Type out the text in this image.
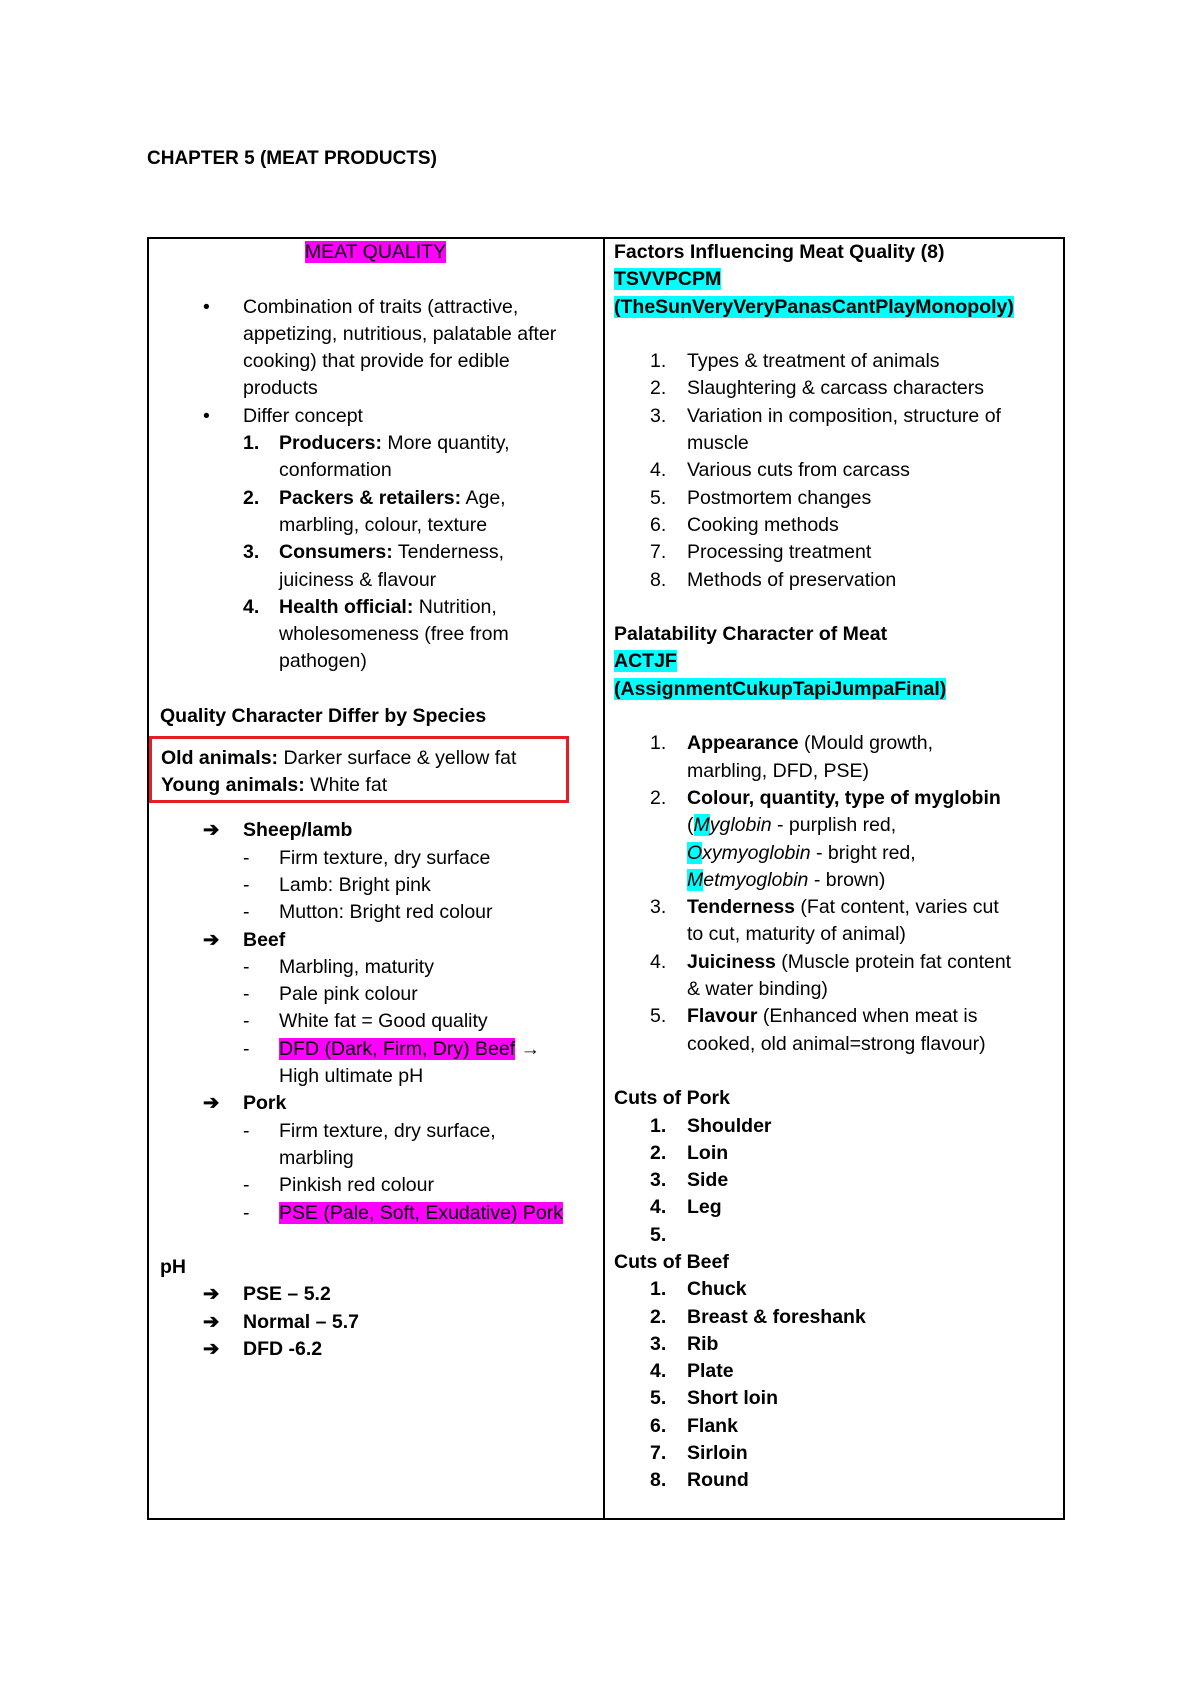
CHAPTER 5 (MEAT PRODUCTS)
MEAT QUALITY
• Combination of traits (attractive,
appetizing, nutritious, palatable after
cooking) that provide for edible
products
• Differ concept
1. Producers: More quantity,
conformation
2. Packers & retailers: Age,
marbling, colour, texture
3. Consumers: Tenderness,
juiciness & flavour
4. Health official: Nutrition,
wholesomeness (free from
pathogen)
Quality Character Differ by Species
Old animals: Darker surface & yellow fat
Young animals: White fat
➔ Sheep/lamb
- Firm texture, dry surface
- Lamb: Bright pink
- Mutton: Bright red colour
➔ Beef
- Marbling, maturity
- Pale pink colour
- White fat = Good quality
- DFD (Dark, Firm, Dry) Beef →
High ultimate pH
➔ Pork
- Firm texture, dry surface,
marbling
- Pinkish red colour
- PSE (Pale, Soft, Exudative) Pork
pH
➔ PSE – 5.2
➔ Normal – 5.7
➔ DFD -6.2
Factors Influencing Meat Quality (8)
TSVVPCPM
(TheSunVeryVeryPanasCantPlayMonopoly)
1. Types & treatment of animals
2. Slaughtering & carcass characters
3. Variation in composition, structure of
muscle
4. Various cuts from carcass
5. Postmortem changes
6. Cooking methods
7. Processing treatment
8. Methods of preservation
Palatability Character of Meat
ACTJF
(AssignmentCukupTapiJumpaFinal)
1. Appearance (Mould growth,
marbling, DFD, PSE)
2. Colour, quantity, type of myglobin
(Myglobin - purplish red,
Oxymyoglobin - bright red,
Metmyoglobin - brown)
3. Tenderness (Fat content, varies cut
to cut, maturity of animal)
4. Juiciness (Muscle protein fat content
& water binding)
5. Flavour (Enhanced when meat is
cooked, old animal=strong flavour)
Cuts of Pork
1. Shoulder
2. Loin
3. Side
4. Leg
5.

Cuts of Beef
1. Chuck
2. Breast & foreshank
3. Rib
4. Plate
5. Short loin
6. Flank
7. Sirloin
8. Round
